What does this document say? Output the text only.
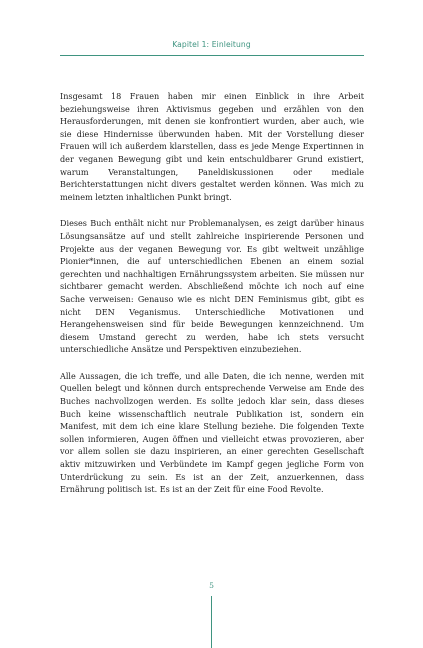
Kapitel 1: Einleitung

Insgesamt 18 Frauen haben mir einen Einblick in ihre Arbeit beziehungsweise ihren Aktivismus gegeben und erzählen von den Herausforderungen, mit denen sie konfrontiert wurden, aber auch, wie sie diese Hindernisse überwunden haben. Mit der Vorstellung dieser Frauen will ich außerdem klarstellen, dass es jede Menge Expertinnen in der veganen Bewegung gibt und kein entschuldbarer Grund existiert, warum Veranstaltungen, Paneldiskussionen oder mediale Berichterstattungen nicht divers gestaltet werden können. Was mich zu meinem letzten inhaltlichen Punkt bringt.

Dieses Buch enthält nicht nur Problemanalysen, es zeigt darüber hinaus Lösungsansätze auf und stellt zahlreiche inspirierende Personen und Projekte aus der veganen Bewegung vor. Es gibt weltweit unzählige Pionier*innen, die auf unterschiedlichen Ebenen an einem sozial gerechten und nachhaltigen Ernährungssystem arbeiten. Sie müssen nur sichtbarer gemacht werden. Abschließend möchte ich noch auf eine Sache verweisen: Genauso wie es nicht DEN Feminismus gibt, gibt es nicht DEN Veganismus. Unterschiedliche Motivationen und Herangehensweisen sind für beide Bewegungen kennzeichnend. Um diesem Umstand gerecht zu werden, habe ich stets versucht unterschiedliche Ansätze und Perspektiven einzubeziehen.

Alle Aussagen, die ich treffe, und alle Daten, die ich nenne, werden mit Quellen belegt und können durch entsprechende Verweise am Ende des Buches nachvollzogen werden. Es sollte jedoch klar sein, dass dieses Buch keine wissenschaftlich neutrale Publikation ist, sondern ein Manifest, mit dem ich eine klare Stellung beziehe. Die folgenden Texte sollen informieren, Augen öffnen und vielleicht etwas provozieren, aber vor allem sollen sie dazu inspirieren, an einer gerechten Gesellschaft aktiv mitzuwirken und Verbündete im Kampf gegen jegliche Form von Unterdrückung zu sein. Es ist an der Zeit, anzuerkennen, dass Ernährung politisch ist. Es ist an der Zeit für eine Food Revolte.

5
